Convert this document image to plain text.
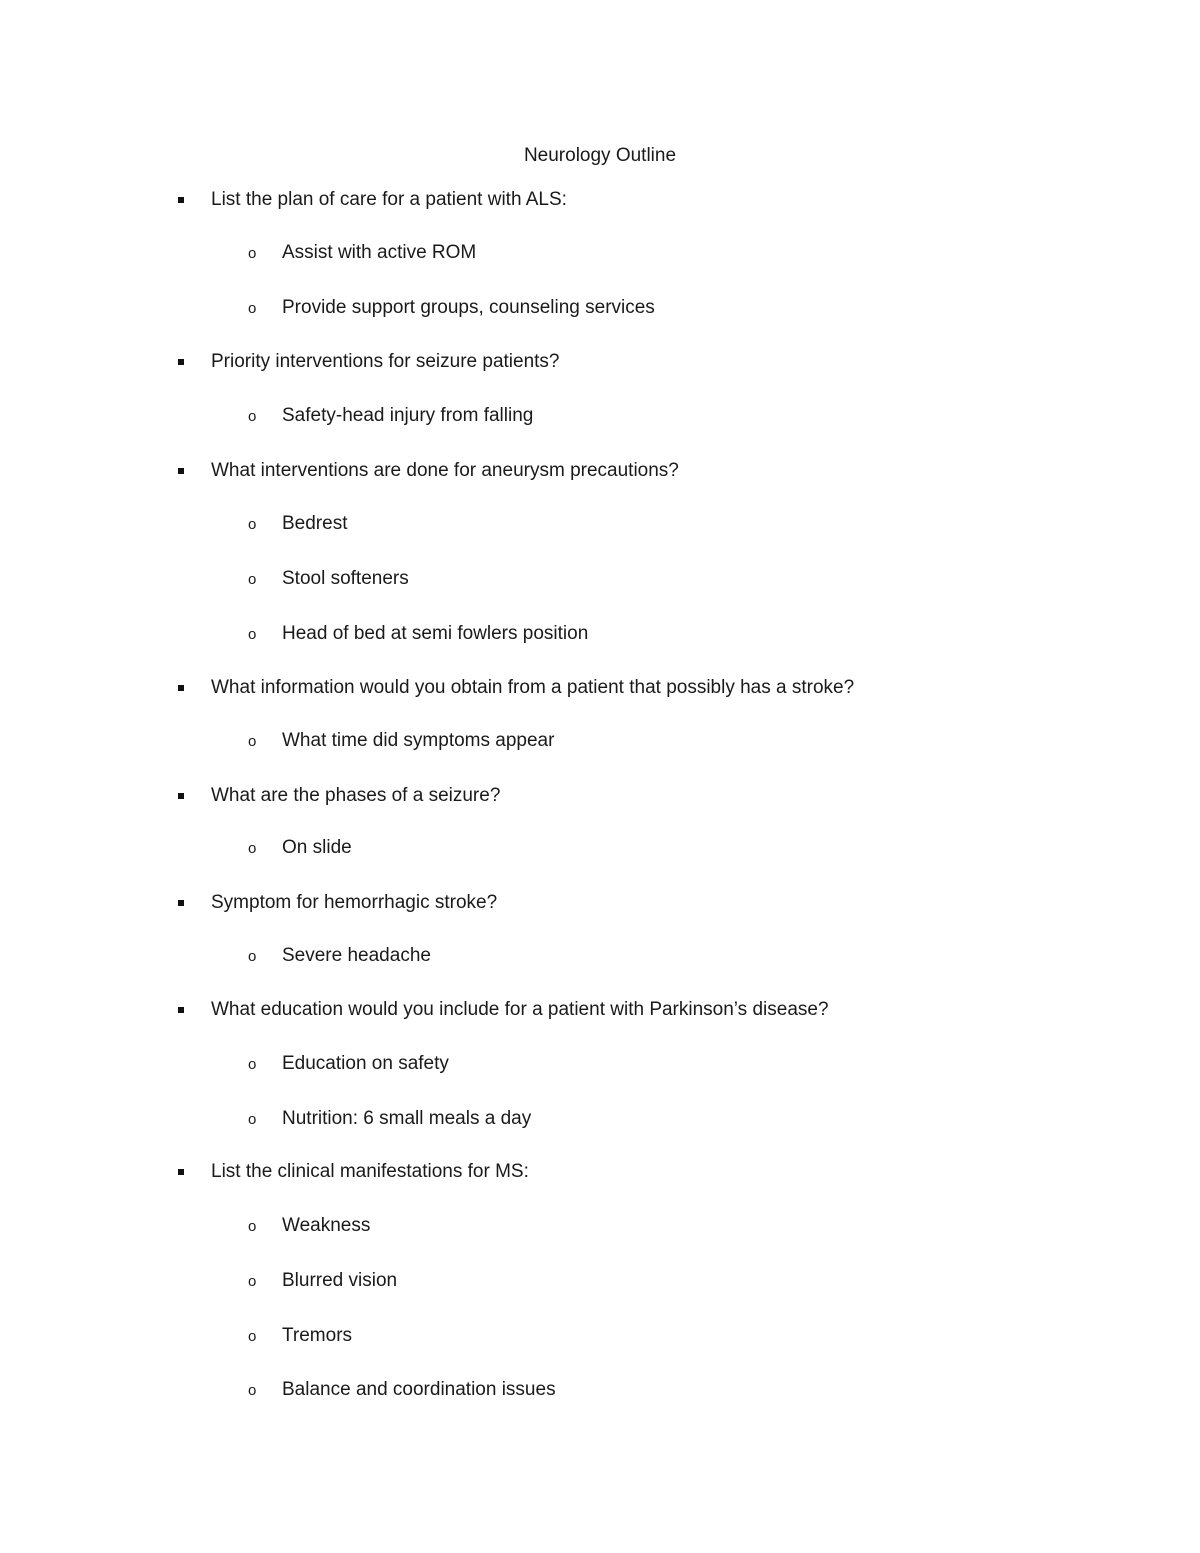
Neurology Outline
List the plan of care for a patient with ALS:
o Assist with active ROM
o Provide support groups, counseling services
Priority interventions for seizure patients?
o Safety-head injury from falling
What interventions are done for aneurysm precautions?
o Bedrest
o Stool softeners
o Head of bed at semi fowlers position
What information would you obtain from a patient that possibly has a stroke?
o What time did symptoms appear
What are the phases of a seizure?
o On slide
Symptom for hemorrhagic stroke?
o Severe headache
What education would you include for a patient with Parkinson’s disease?
o Education on safety
o Nutrition: 6 small meals a day
List the clinical manifestations for MS:
o Weakness
o Blurred vision
o Tremors
o Balance and coordination issues
